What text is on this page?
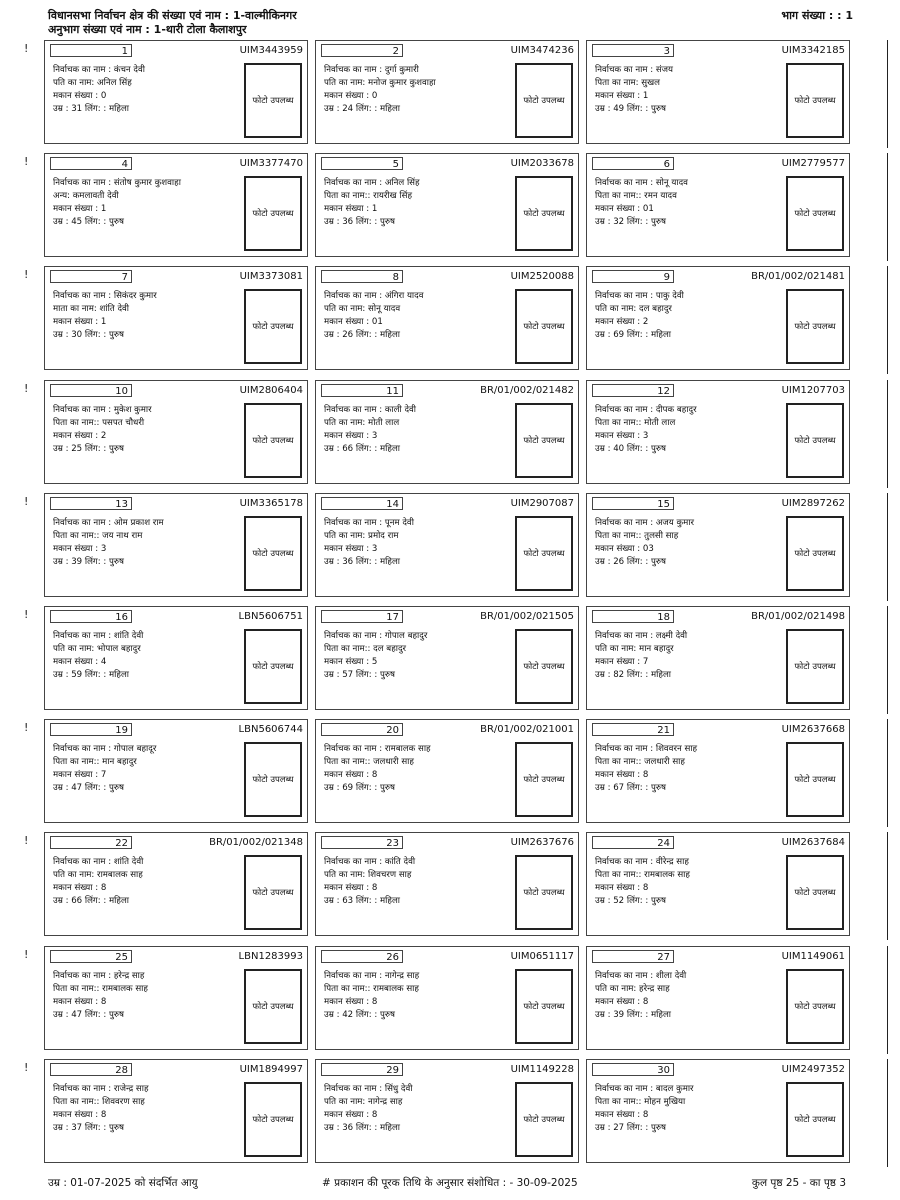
विधानसभा निर्वाचन क्षेत्र की संख्या एवं नाम : 1-वाल्मीकिनगर
अनुभाग संख्या एवं नाम : 1-थारी टोला कैलाशपुर
भाग संख्या : : 1
!
!
!
!
!
!
!
!
!
!
1	UIM3443959
निर्वाचक का नाम : कंचन देवी
पति का नाम: अनिल सिंह
मकान संख्या : 0
उम्र : 31 लिंग: : महिला
फोटो उपलब्ध
2	UIM3474236
निर्वाचक का नाम : दुर्गा कुमारी
पति का नाम: मनोज कुमार कुशवाहा
मकान संख्या : 0
उम्र : 24 लिंग: : महिला
फोटो उपलब्ध
3	UIM3342185
निर्वाचक का नाम : संजय
पिता का नाम: सुखल
मकान संख्या : 1
उम्र : 49 लिंग: : पुरुष
फोटो उपलब्ध
4	UIM3377470
निर्वाचक का नाम : संतोष कुमार कुशवाहा
अन्य: कमलावती देवी
मकान संख्या : 1
उम्र : 45 लिंग: : पुरुष
फोटो उपलब्ध
5	UIM2033678
निर्वाचक का नाम : अनिल सिंह
पिता का नाम:: रायरीख सिंह
मकान संख्या : 1
उम्र : 36 लिंग: : पुरुष
फोटो उपलब्ध
6	UIM2779577
निर्वाचक का नाम : सोनू यादव
पिता का नाम:: रमन यादव
मकान संख्या : 01
उम्र : 32 लिंग: : पुरुष
फोटो उपलब्ध
7	UIM3373081
निर्वाचक का नाम : सिकंदर कुमार
माता का नाम: शांति देवी
मकान संख्या : 1
उम्र : 30 लिंग: : पुरुष
फोटो उपलब्ध
8	UIM2520088
निर्वाचक का नाम : अंगिरा यादव
पति का नाम: सोनू यादव
मकान संख्या : 01
उम्र : 26 लिंग: : महिला
फोटो उपलब्ध
9	BR/01/002/021481
निर्वाचक का नाम : पाकु देवी
पति का नाम: दल बहादुर
मकान संख्या : 2
उम्र : 69 लिंग: : महिला
फोटो उपलब्ध
10	UIM2806404
निर्वाचक का नाम : मुकेश कुमार
पिता का नाम:: पसपत चौधरी
मकान संख्या : 2
उम्र : 25 लिंग: : पुरुष
फोटो उपलब्ध
11	BR/01/002/021482
निर्वाचक का नाम : काली देवी
पति का नाम: मोती लाल
मकान संख्या : 3
उम्र : 66 लिंग: : महिला
फोटो उपलब्ध
12	UIM1207703
निर्वाचक का नाम : दीपक बहादुर
पिता का नाम:: मोती लाल
मकान संख्या : 3
उम्र : 40 लिंग: : पुरुष
फोटो उपलब्ध
13	UIM3365178
निर्वाचक का नाम : ओम प्रकाश राम
पिता का नाम:: जय नाथ राम
मकान संख्या : 3
उम्र : 39 लिंग: : पुरुष
फोटो उपलब्ध
14	UIM2907087
निर्वाचक का नाम : पूनम देवी
पति का नाम: प्रमोद राम
मकान संख्या : 3
उम्र : 36 लिंग: : महिला
फोटो उपलब्ध
15	UIM2897262
निर्वाचक का नाम : अजय कुमार
पिता का नाम:: तुलसी साह
मकान संख्या : 03
उम्र : 26 लिंग: : पुरुष
फोटो उपलब्ध
16	LBN5606751
निर्वाचक का नाम : शांति देवी
पति का नाम: भोपाल बहादुर
मकान संख्या : 4
उम्र : 59 लिंग: : महिला
फोटो उपलब्ध
17	BR/01/002/021505
निर्वाचक का नाम : गोपाल बहादुर
पिता का नाम:: दल बहादुर
मकान संख्या : 5
उम्र : 57 लिंग: : पुरुष
फोटो उपलब्ध
18	BR/01/002/021498
निर्वाचक का नाम : लक्ष्मी देवी
पति का नाम: मान बहादुर
मकान संख्या : 7
उम्र : 82 लिंग: : महिला
फोटो उपलब्ध
19	LBN5606744
निर्वाचक का नाम : गोपाल बहादूर
पिता का नाम:: मान बहादुर
मकान संख्या : 7
उम्र : 47 लिंग: : पुरुष
फोटो उपलब्ध
20	BR/01/002/021001
निर्वाचक का नाम : रामबालक साह
पिता का नाम:: जलधारी साह
मकान संख्या : 8
उम्र : 69 लिंग: : पुरुष
फोटो उपलब्ध
21	UIM2637668
निर्वाचक का नाम : शिववरन साह
पिता का नाम:: जलधारी साह
मकान संख्या : 8
उम्र : 67 लिंग: : पुरुष
फोटो उपलब्ध
22	BR/01/002/021348
निर्वाचक का नाम : शांति देवी
पति का नाम: रामबालक साह
मकान संख्या : 8
उम्र : 66 लिंग: : महिला
फोटो उपलब्ध
23	UIM2637676
निर्वाचक का नाम : कांति देवी
पति का नाम: शिवचरण साह
मकान संख्या : 8
उम्र : 63 लिंग: : महिला
फोटो उपलब्ध
24	UIM2637684
निर्वाचक का नाम : वीरेन्द्र साह
पिता का नाम:: रामबालक साह
मकान संख्या : 8
उम्र : 52 लिंग: : पुरुष
फोटो उपलब्ध
25	LBN1283993
निर्वाचक का नाम : हरेन्द्र साह
पिता का नाम:: रामबालक साह
मकान संख्या : 8
उम्र : 47 लिंग: : पुरुष
फोटो उपलब्ध
26	UIM0651117
निर्वाचक का नाम : नागेन्द्र साह
पिता का नाम:: रामबालक साह
मकान संख्या : 8
उम्र : 42 लिंग: : पुरुष
फोटो उपलब्ध
27	UIM1149061
निर्वाचक का नाम : शीला देवी
पति का नाम: हरेन्द्र साह
मकान संख्या : 8
उम्र : 39 लिंग: : महिला
फोटो उपलब्ध
28	UIM1894997
निर्वाचक का नाम : राजेन्द्र साह
पिता का नाम:: शिववरण साह
मकान संख्या : 8
उम्र : 37 लिंग: : पुरुष
फोटो उपलब्ध
29	UIM1149228
निर्वाचक का नाम : सिंधु देवी
पति का नाम: नागेन्द्र साह
मकान संख्या : 8
उम्र : 36 लिंग: : महिला
फोटो उपलब्ध
30	UIM2497352
निर्वाचक का नाम : बादल कुमार
पिता का नाम:: मोहन मुखिया
मकान संख्या : 8
उम्र : 27 लिंग: : पुरुष
फोटो उपलब्ध
उम्र : 01-07-2025 को संदर्भित आयु	# प्रकाशन की पूरक तिथि के अनुसार संशोधित : - 30-09-2025	कुल पृष्ठ 25 - का पृष्ठ 3
